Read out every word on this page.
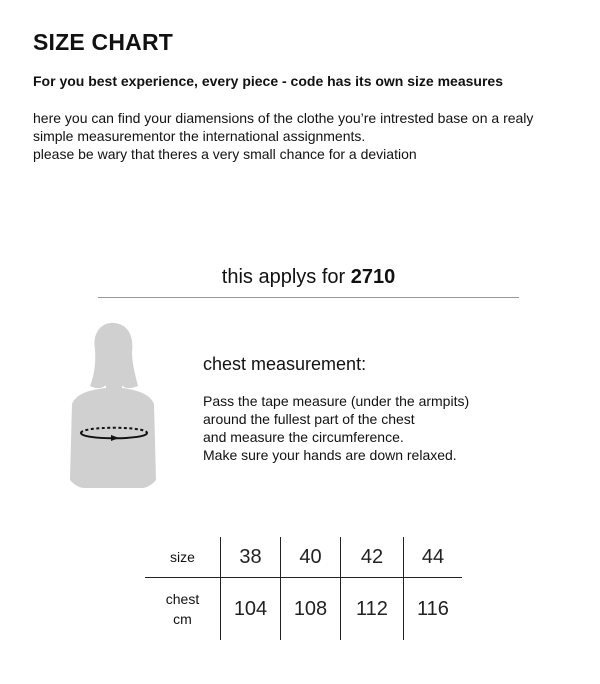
SIZE CHART

For you best experience, every piece - code has its own size measures

here you can find your diamensions of the clothe you’re intrested base on a realy
simple measurementor the international assignments.
please be wary that theres a very small chance for a deviation

this applys for 2710
chest measurement:

Pass the tape measure (under the armpits)
around the fullest part of the chest
and measure the circumference.
Make sure your hands are down relaxed.

size	38	40	42	44
chest
cm	104	108	112	116
